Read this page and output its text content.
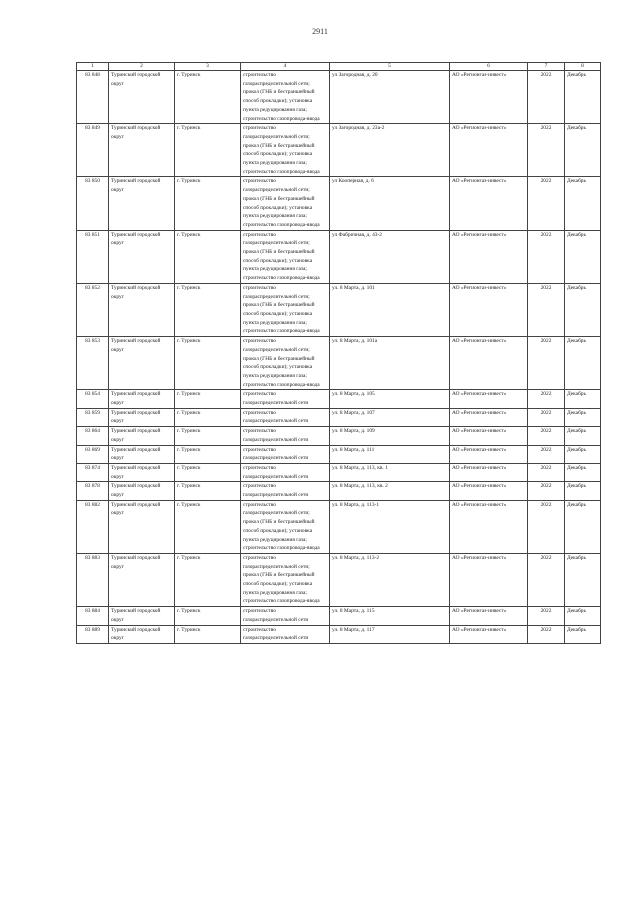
2911
1	2	3	4	5	6	7	8
83 848	Туринский городской округ	г. Туринск	строительство газораспределительной сети; прокол (ГНБ и бестраншейный способ прокладки); установка пункта редуцирования газа; строительство газопровода-ввода	ул Загородная, д. 20	АО «Регионгаз-инвест»	2022	Декабрь
83 849	Туринский городской округ	г. Туринск	строительство газораспределительной сети; прокол (ГНБ и бестраншейный способ прокладки); установка пункта редуцирования газа; строительство газопровода-ввода	ул Загородная, д. 23а-2	АО «Регионгаз-инвест»	2022	Декабрь
83 850	Туринский городской округ	г. Туринск	строительство газораспределительной сети; прокол (ГНБ и бестраншейный способ прокладки); установка пункта редуцирования газа; строительство газопровода-ввода	ул Кооперная, д. 6	АО «Регионгаз-инвест»	2022	Декабрь
83 851	Туринский городской округ	г. Туринск	строительство газораспределительной сети; прокол (ГНБ и бестраншейный способ прокладки); установка пункта редуцирования газа; строительство газопровода-ввода	ул Фабричная, д. 43-2	АО «Регионгаз-инвест»	2022	Декабрь
83 852	Туринский городской округ	г. Туринск	строительство газораспределительной сети; прокол (ГНБ и бестраншейный способ прокладки); установка пункта редуцирования газа; строительство газопровода-ввода	ул. 8 Марта, д. 101	АО «Регионгаз-инвест»	2022	Декабрь
83 853	Туринский городской округ	г. Туринск	строительство газораспределительной сети; прокол (ГНБ и бестраншейный способ прокладки); установка пункта редуцирования газа; строительство газопровода-ввода	ул. 8 Марта, д. 101а	АО «Регионгаз-инвест»	2022	Декабрь
83 854	Туринский городской округ	г. Туринск	строительство газораспределительной сети	ул. 8 Марта, д. 105	АО «Регионгаз-инвест»	2022	Декабрь
83 859	Туринский городской округ	г. Туринск	строительство газораспределительной сети	ул. 8 Марта, д. 107	АО «Регионгаз-инвест»	2022	Декабрь
83 864	Туринский городской округ	г. Туринск	строительство газораспределительной сети	ул. 8 Марта, д. 109	АО «Регионгаз-инвест»	2022	Декабрь
83 869	Туринский городской округ	г. Туринск	строительство газораспределительной сети	ул. 8 Марта, д. 111	АО «Регионгаз-инвест»	2022	Декабрь
83 874	Туринский городской округ	г. Туринск	строительство газораспределительной сети	ул. 8 Марта, д. 113, кв. 1	АО «Регионгаз-инвест»	2022	Декабрь
83 878	Туринский городской округ	г. Туринск	строительство газораспределительной сети	ул. 8 Марта, д. 113, кв. 2	АО «Регионгаз-инвест»	2022	Декабрь
83 882	Туринский городской округ	г. Туринск	строительство газораспределительной сети; прокол (ГНБ и бестраншейный способ прокладки); установка пункта редуцирования газа; строительство газопровода-ввода	ул. 8 Марта, д. 113-1	АО «Регионгаз-инвест»	2022	Декабрь
83 883	Туринский городской округ	г. Туринск	строительство газораспределительной сети; прокол (ГНБ и бестраншейный способ прокладки); установка пункта редуцирования газа; строительство газопровода-ввода	ул. 8 Марта, д. 113-2	АО «Регионгаз-инвест»	2022	Декабрь
83 884	Туринский городской округ	г. Туринск	строительство газораспределительной сети	ул. 8 Марта, д. 115	АО «Регионгаз-инвест»	2022	Декабрь
83 889	Туринский городской округ	г. Туринск	строительство газораспределительной сети	ул. 8 Марта, д. 117	АО «Регионгаз-инвест»	2022	Декабрь
